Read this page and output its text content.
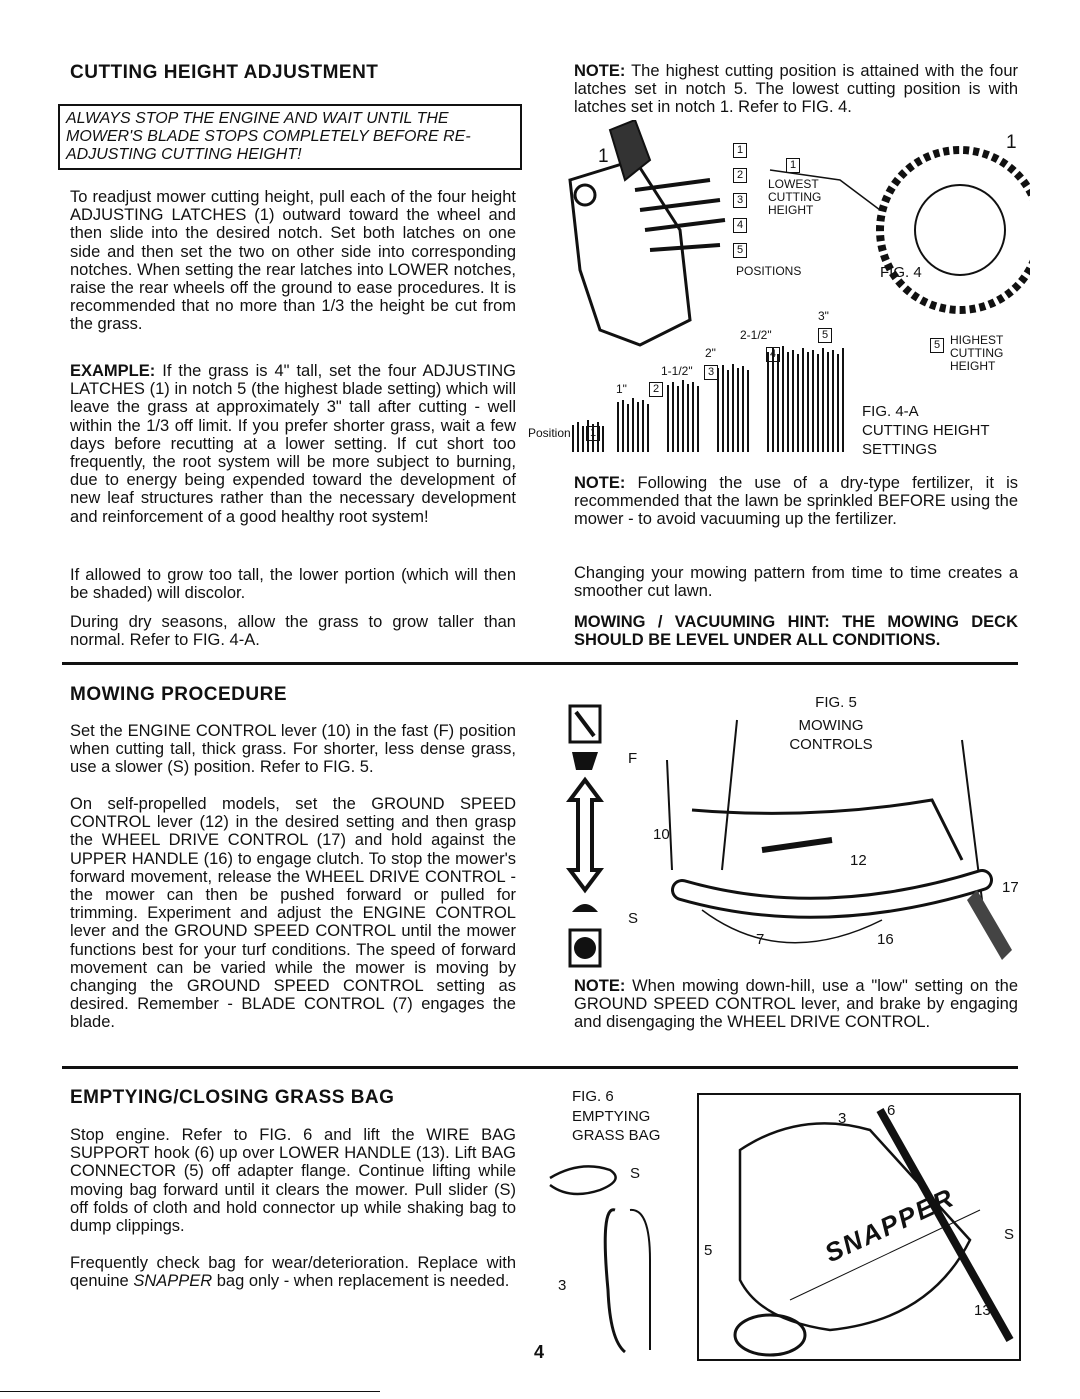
CUTTING HEIGHT ADJUSTMENT
ALWAYS STOP THE ENGINE AND WAIT UNTIL THE MOWER'S BLADE STOPS COMPLETELY BEFORE RE-ADJUSTING CUTTING HEIGHT!

To readjust mower cutting height, pull each of the four height ADJUSTING LATCHES (1) outward toward the wheel and then slide into the desired notch. Set both latches on one side and then set the two on other side into corresponding notches. When setting the rear latches into LOWER notches, raise the rear wheels off the ground to ease procedures. It is recommended that no more than 1/3 the height be cut from the grass.

EXAMPLE: If the grass is 4" tall, set the four ADJUSTING LATCHES (1) in notch 5 (the highest blade setting) which will leave the grass at approximately 3" tall after cutting - well within the 1/3 off limit. If you prefer shorter grass, wait a few days before recutting at a lower setting. If cut short too frequently, the root system will be more subject to burning, due to energy being expended toward the development of new leaf structures rather than the necessary development and reinforcement of a good healthy root system!

If allowed to grow too tall, the lower portion (which will then be shaded) will discolor.

During dry seasons, allow the grass to grow taller than normal. Refer to FIG. 4-A.

NOTE: The highest cutting position is attained with the four latches set in notch 5. The lowest cutting position is with latches set in notch 1. Refer to FIG. 4.

1
1
1
2
3
4
5
1
LOWEST CUTTING HEIGHT
POSITIONS	FIG. 4
5 HIGHEST CUTTING HEIGHT
Position	1
1"	2
2"
1-1/2"	3
2-1/2"
4
3"
5
FIG. 4-A
CUTTING HEIGHT SETTINGS

NOTE: Following the use of a dry-type fertilizer, it is recommended that the lawn be sprinkled BEFORE using the mower - to avoid vacuuming up the fertilizer.

Changing your mowing pattern from time to time creates a smoother cut lawn.

MOWING / VACUUMING HINT: THE MOWING DECK SHOULD BE LEVEL UNDER ALL CONDITIONS.

MOWING PROCEDURE

Set the ENGINE CONTROL lever (10) in the fast (F) position when cutting tall, thick grass. For shorter, less dense grass, use a slower (S) position. Refer to FIG. 5.

On self-propelled models, set the GROUND SPEED CONTROL lever (12) in the desired setting and then grasp the WHEEL DRIVE CONTROL (17) and hold against the UPPER HANDLE (16) to engage clutch. To stop the mower's forward movement, release the WHEEL DRIVE CONTROL - the mower can then be pushed forward or pulled for trimming. Experiment and adjust the ENGINE CONTROL lever and the GROUND SPEED CONTROL until the mower functions best for your turf conditions. The speed of forward movement can be varied while the mower is moving by changing the GROUND SPEED CONTROL setting as desired. Remember - BLADE CONTROL (7) engages the blade.

F
S
FIG. 5
MOWING CONTROLS
10
12
17
7	16

NOTE: When mowing down-hill, use a "low" setting on the GROUND SPEED CONTROL lever, and brake by engaging and disengaging the WHEEL DRIVE CONTROL.

EMPTYING/CLOSING GRASS BAG

Stop engine. Refer to FIG. 6 and lift the WIRE BAG SUPPORT hook (6) up over LOWER HANDLE (13). Lift BAG CONNECTOR (5) off adapter flange. Continue lifting while moving bag forward until it clears the mower. Pull slider (S) off folds of cloth and hold connector up while shaking bag to dump clippings.

Frequently check bag for wear/deterioration. Replace with qenuine SNAPPER bag only - when replacement is needed.

FIG. 6
EMPTYING GRASS BAG
S
3
3	6
5
S
13
SNAPPER
4
